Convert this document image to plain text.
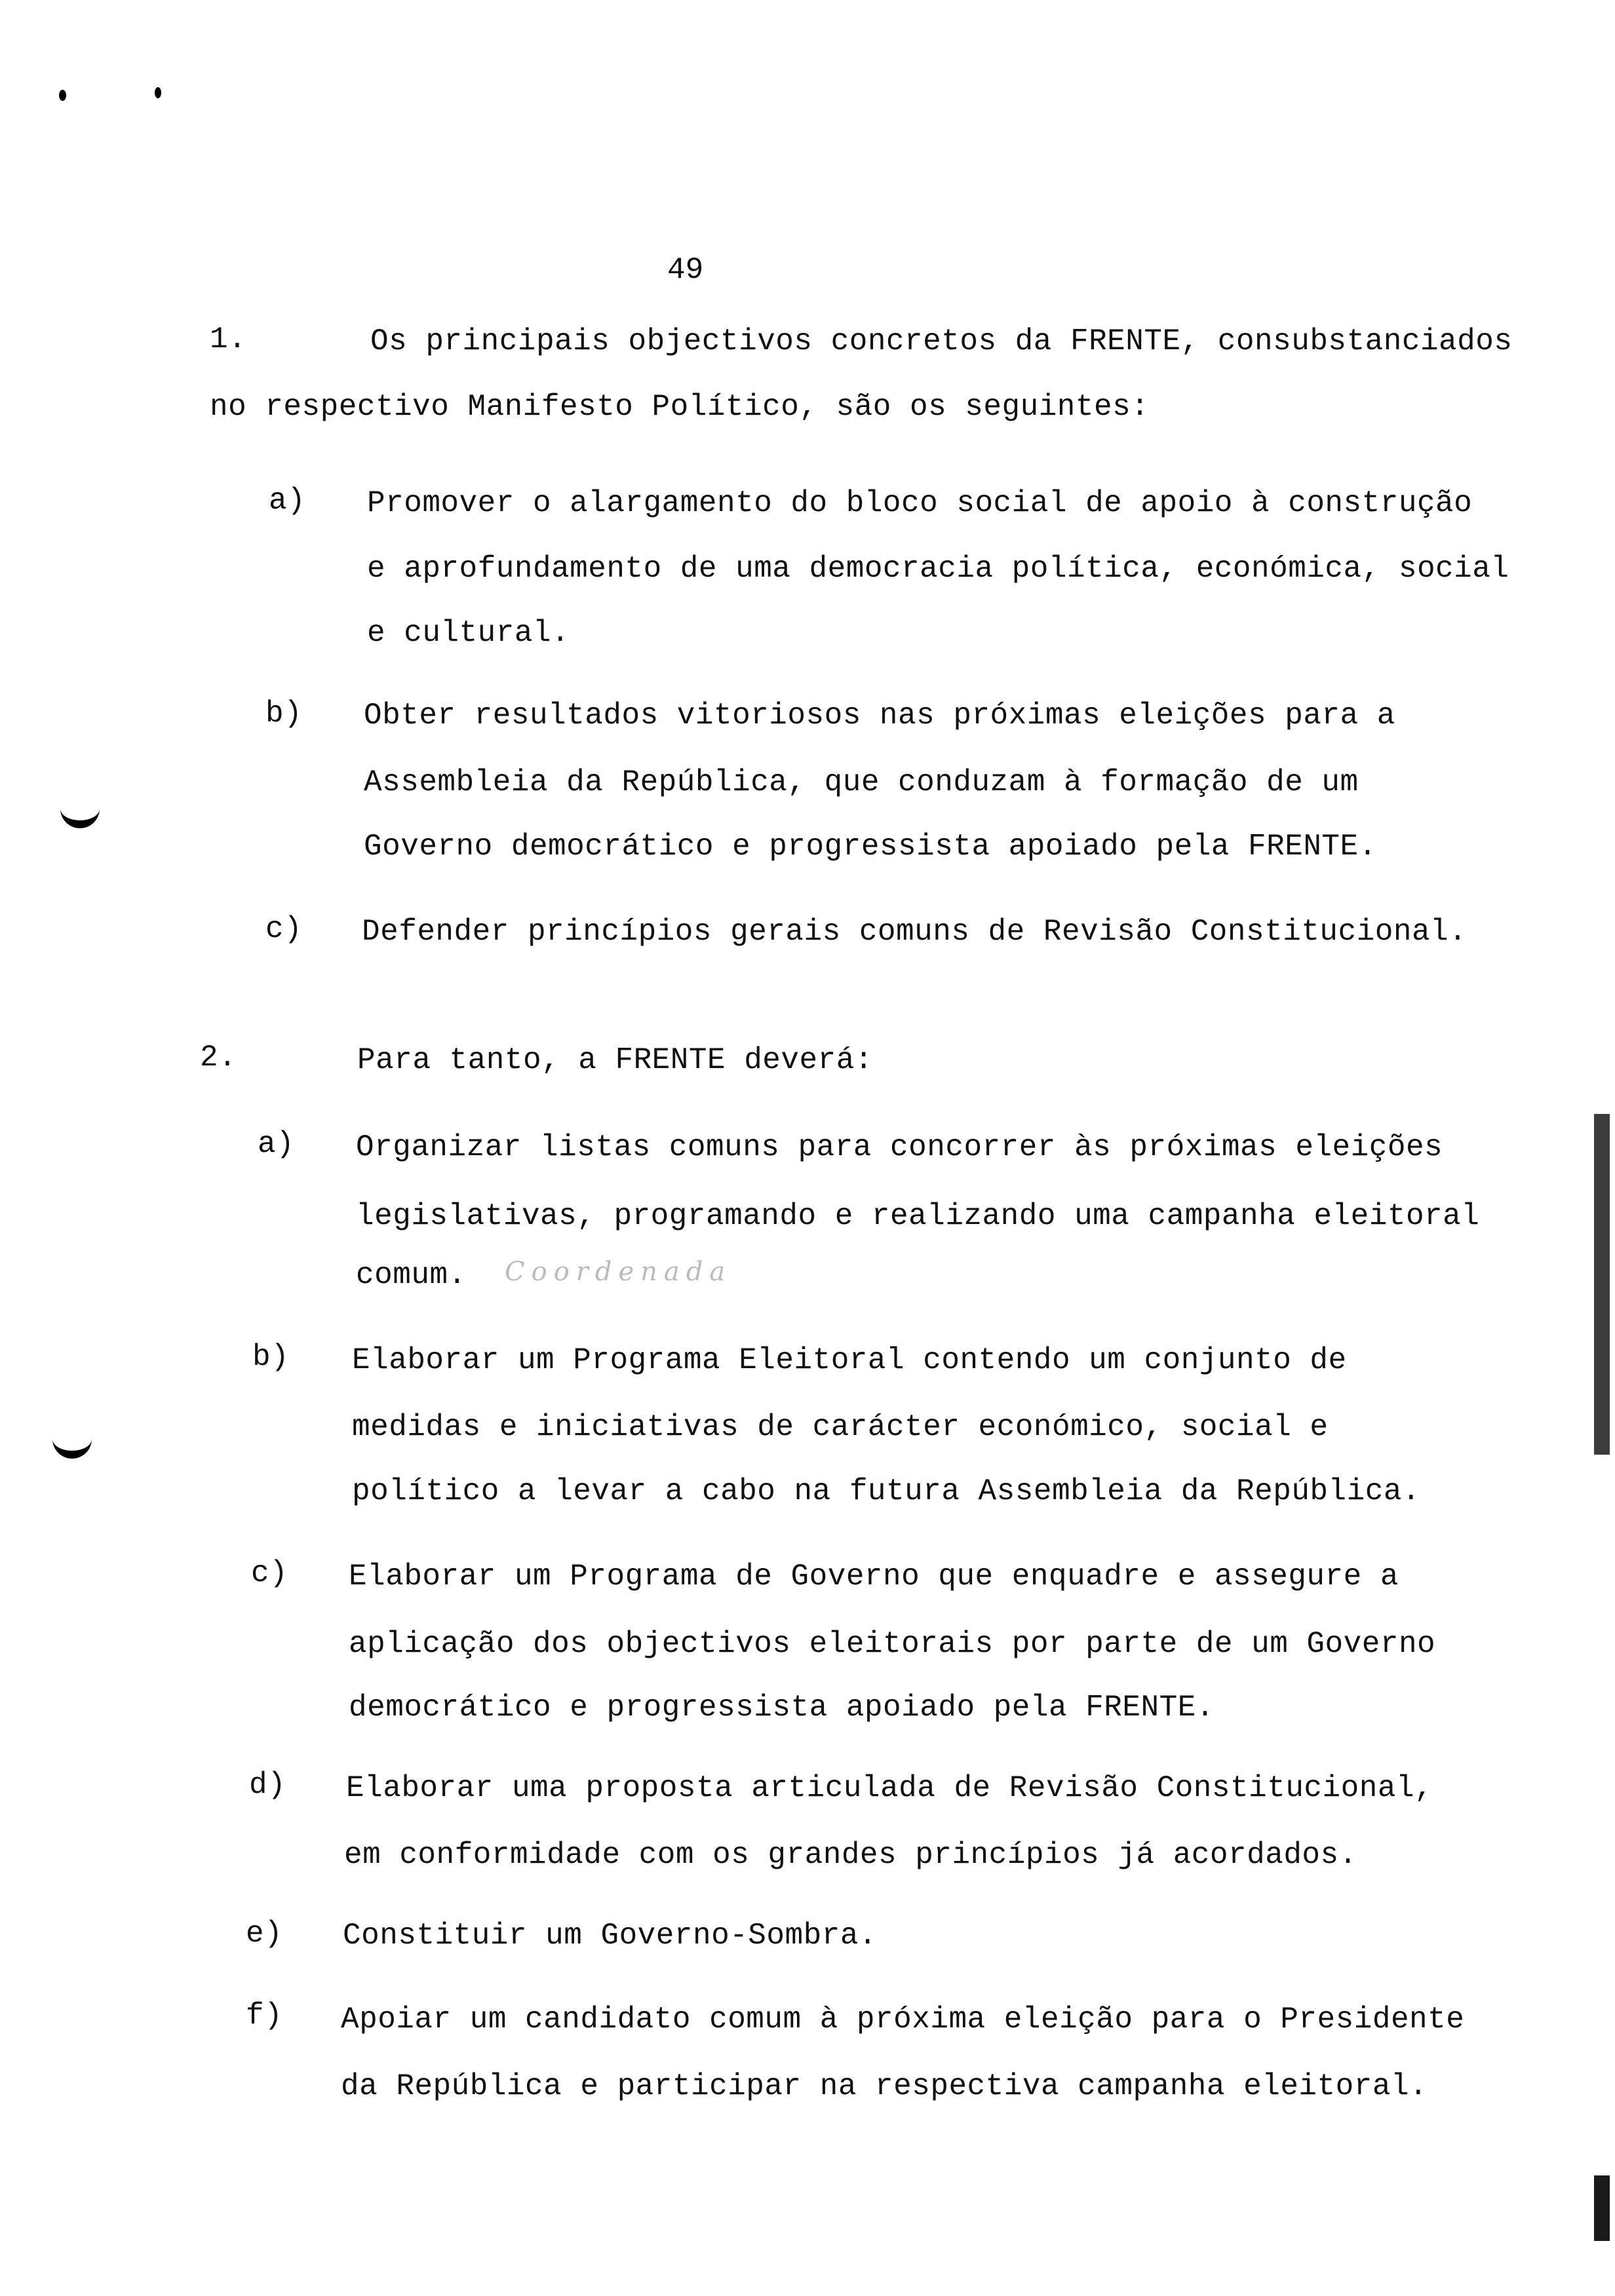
49
1.	Os principais objectivos concretos da FRENTE, consubstanciados
no respectivo Manifesto Político, são os seguintes:
a) Promover o alargamento do bloco social de apoio à construção
e aprofundamento de uma democracia política, económica, social
e cultural.
b) Obter resultados vitoriosos nas próximas eleições para a
Assembleia da República, que conduzam à formação de um
Governo democrático e progressista apoiado pela FRENTE.
c) Defender princípios gerais comuns de Revisão Constitucional.
2.	Para tanto, a FRENTE deverá:
a) Organizar listas comuns para concorrer às próximas eleições
legislativas, programando e realizando uma campanha eleitoral
comum. Coordenada
b) Elaborar um Programa Eleitoral contendo um conjunto de
medidas e iniciativas de carácter económico, social e
político a levar a cabo na futura Assembleia da República.
c) Elaborar um Programa de Governo que enquadre e assegure a
aplicação dos objectivos eleitorais por parte de um Governo
democrático e progressista apoiado pela FRENTE.
d) Elaborar uma proposta articulada de Revisão Constitucional,
em conformidade com os grandes princípios já acordados.
e) Constituir um Governo-Sombra.
f) Apoiar um candidato comum à próxima eleição para o Presidente
da República e participar na respectiva campanha eleitoral.
